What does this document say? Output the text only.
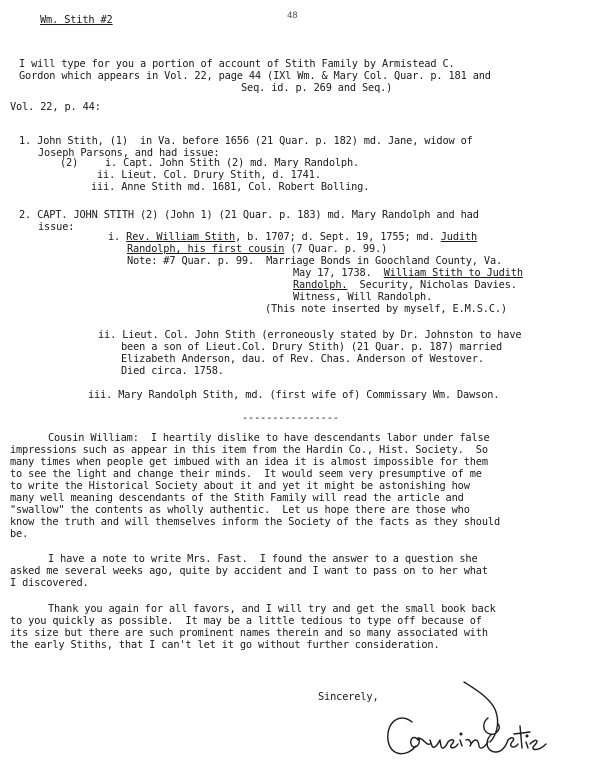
Wm. Stith #2	48
I will type for you a portion of account of Stith Family by Armistead C.
Gordon which appears in Vol. 22, page 44 (IXl Wm. & Mary Col. Quar. p. 181 and
Seq. id. p. 269 and Seq.)
Vol. 22, p. 44:
1. John Stith, (1)  in Va. before 1656 (21 Quar. p. 182) md. Jane, widow of
Joseph Parsons, and had issue:
(2)	i. Capt. John Stith (2) md. Mary Randolph.
ii. Lieut. Col. Drury Stith, d. 1741.
iii. Anne Stith md. 1681, Col. Robert Bolling.
2. CAPT. JOHN STITH (2) (John 1) (21 Quar. p. 183) md. Mary Randolph and had
issue:
i. Rev. William Stith, b. 1707; d. Sept. 19, 1755; md. Judith
Randolph, his first cousin (7 Quar. p. 99.)
Note: #7 Quar. p. 99.  Marriage Bonds in Goochland County, Va.
May 17, 1738.  William Stith to Judith
Randolph.  Security, Nicholas Davies.
Witness, Will Randolph.
(This note inserted by myself, E.M.S.C.)
ii. Lieut. Col. John Stith (erroneously stated by Dr. Johnston to have
been a son of Lieut.Col. Drury Stith) (21 Quar. p. 187) married
Elizabeth Anderson, dau. of Rev. Chas. Anderson of Westover.
Died circa. 1758.
iii. Mary Randolph Stith, md. (first wife of) Commissary Wm. Dawson.
----------------
Cousin William:  I heartily dislike to have descendants labor under false
impressions such as appear in this item from the Hardin Co., Hist. Society.  So
many times when people get imbued with an idea it is almost impossible for them
to see the light and change their minds.  It would seem very presumptive of me
to write the Historical Society about it and yet it might be astonishing how
many well meaning descendants of the Stith Family will read the article and
"swallow" the contents as wholly authentic.  Let us hope there are those who
know the truth and will themselves inform the Society of the facts as they should
be.
I have a note to write Mrs. Fast.  I found the answer to a question she
asked me several weeks ago, quite by accident and I want to pass on to her what
I discovered.
Thank you again for all favors, and I will try and get the small book back
to you quickly as possible.  It may be a little tedious to type off because of
its size but there are such prominent names therein and so many associated with
the early Stiths, that I can't let it go without further consideration.
Sincerely,
